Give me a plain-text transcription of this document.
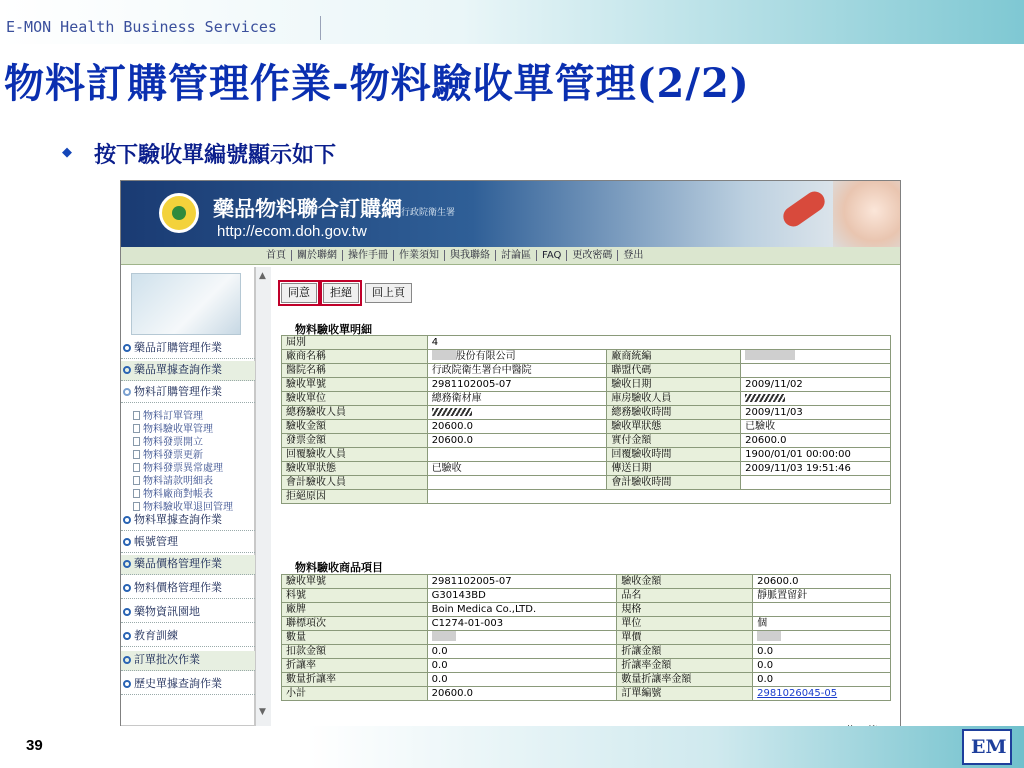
E-MON Health Business Services
物料訂購管理作業-物料驗收單管理(2/2)
◆ 按下驗收單編號顯示如下
藥品物料聯合訂購網 行政院衛生署
http://ecom.doh.gov.tw
首頁	關於聯網	操作手冊	作業須知	與我聯絡	討論區	FAQ	更改密碼	登出
藥品訂購管理作業
藥品單據查詢作業
物料訂購管理作業
物料訂單管理
物料驗收單管理
物料發票開立
物料發票更新
物料發票異常處理
物料請款明細表
物料廠商對帳表
物料驗收單退回管理
物料單據查詢作業
帳號管理
藥品價格管理作業
物料價格管理作業
藥物資訊園地
教育訓練
訂單批次作業
歷史單據查詢作業
▲
▼
同意	拒絕	回上頁
物料驗收單明細
屆別	4		
廠商名稱	股份有限公司	廠商統編	
醫院名稱	行政院衛生署台中醫院	聯盟代碼	
驗收單號	2981102005-07	驗收日期	2009/11/02
驗收單位	總務衛材庫	庫房驗收人員	
總務驗收人員		總務驗收時間	2009/11/03
驗收金額	20600.0	驗收單狀態	已驗收
發票金額	20600.0	實付金額	20600.0
回覆驗收人員		回覆驗收時間	1900/01/01 00:00:00
驗收單狀態	已驗收	傳送日期	2009/11/03 19:51:46
會計驗收人員		會計驗收時間	
拒絕原因			
物料驗收商品項目
驗收單號	2981102005-07	驗收金額	20600.0
料號	G30143BD	品名	靜脈置留針
廠牌	Boin Medica Co.,LTD.	規格	
聯標項次	C1274-01-003	單位	個
數量		單價	
扣款金額	0.0	折讓金額	0.0
折讓率	0.0	折讓率金額	0.0
數量折讓率	0.0	數量折讓率金額	0.0
小計	20600.0	訂單編號	2981026045-05
39	EM
